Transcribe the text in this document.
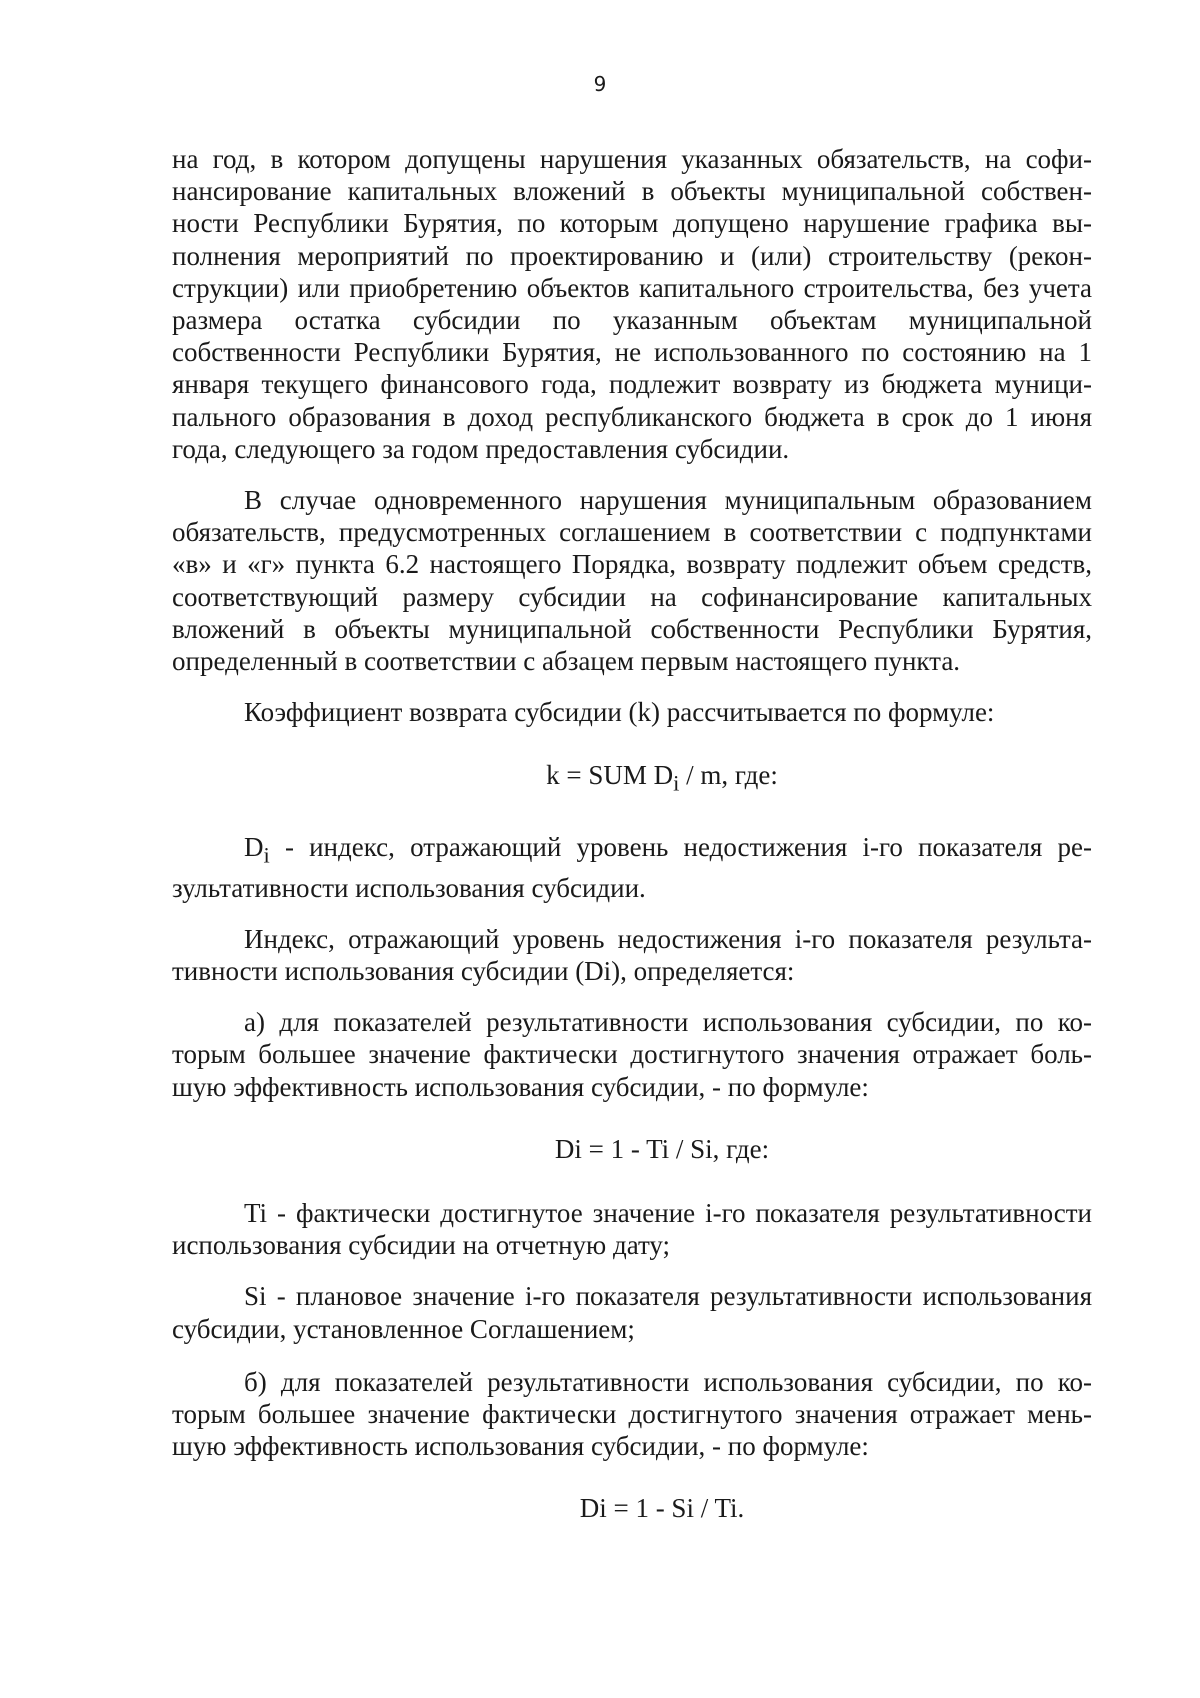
9

на год, в котором допущены нарушения указанных обязательств, на софинансирование капитальных вложений в объекты муниципальной собственности Республики Бурятия, по которым допущено нарушение графика выполнения мероприятий по проектированию и (или) строительству (реконструкции) или приобретению объектов капитального строительства, без учета размера остатка субсидии по указанным объектам муниципальной собственности Республики Бурятия, не использованного по состоянию на 1 января текущего финансового года, подлежит возврату из бюджета муниципального образования в доход республиканского бюджета в срок до 1 июня года, следующего за годом предоставления субсидии.

В случае одновременного нарушения муниципальным образованием обязательств, предусмотренных соглашением в соответствии с подпунктами «в» и «г» пункта 6.2 настоящего Порядка, возврату подлежит объем средств, соответствующий размеру субсидии на софинансирование капитальных вложений в объекты муниципальной собственности Республики Бурятия, определенный в соответствии с абзацем первым настоящего пункта.

Коэффициент возврата субсидии (k) рассчитывается по формуле:

k = SUM $D_i$ / m, где:

$D_i$ - индекс, отражающий уровень недостижения i-го показателя результативности использования субсидии.

Индекс, отражающий уровень недостижения i-го показателя результативности использования субсидии (Di), определяется:

а) для показателей результативности использования субсидии, по которым большее значение фактически достигнутого значения отражает большую эффективность использования субсидии, - по формуле:

Di = 1 - Ti / Si, где:

Ti - фактически достигнутое значение i-го показателя результативности использования субсидии на отчетную дату;

Si - плановое значение i-го показателя результативности использования субсидии, установленное Соглашением;

б) для показателей результативности использования субсидии, по которым большее значение фактически достигнутого значения отражает меньшую эффективность использования субсидии, - по формуле:

Di = 1 - Si / Ti.
